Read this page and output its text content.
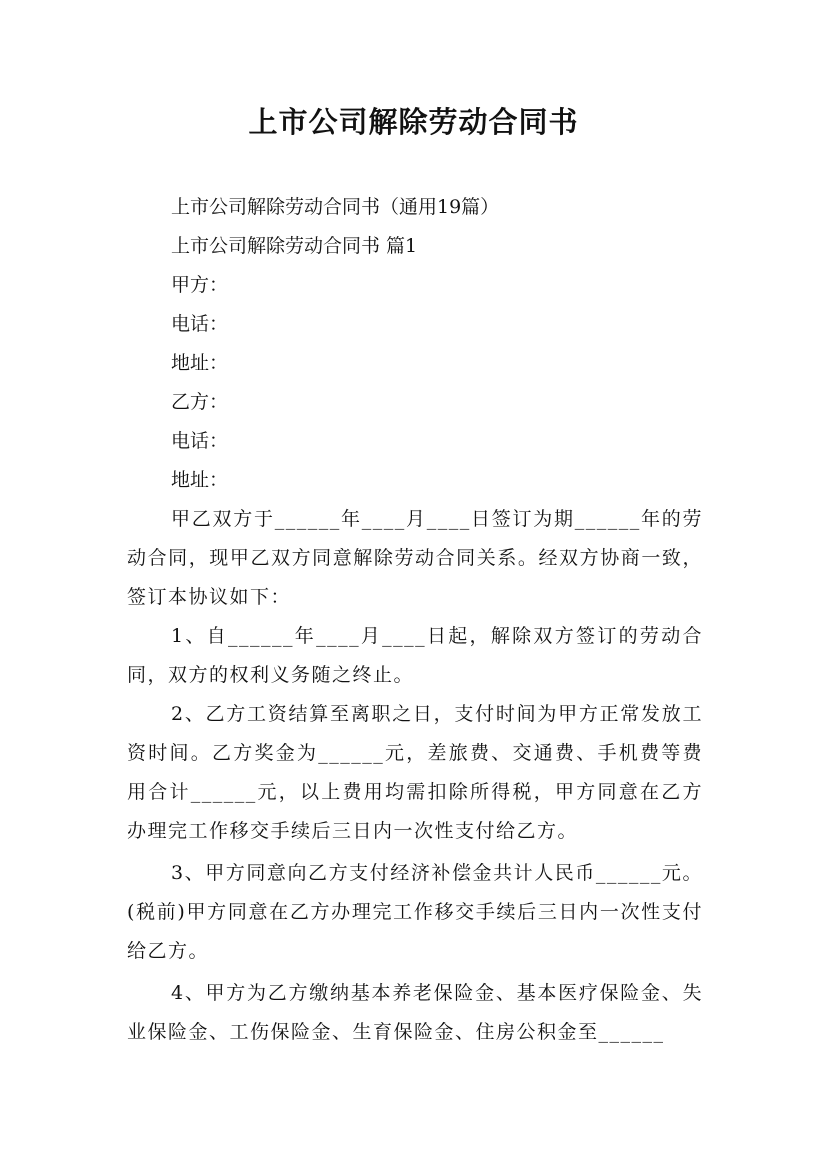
上市公司解除劳动合同书

上市公司解除劳动合同书（通用19篇）

上市公司解除劳动合同书 篇1

甲方：

电话：

地址：

乙方：

电话：

地址：

甲乙双方于______年____月____日签订为期______年的劳动合同，现甲乙双方同意解除劳动合同关系。经双方协商一致，签订本协议如下：

1、自______年____月____日起，解除双方签订的劳动合同，双方的权利义务随之终止。

2、乙方工资结算至离职之日，支付时间为甲方正常发放工资时间。乙方奖金为______元，差旅费、交通费、手机费等费用合计______元，以上费用均需扣除所得税，甲方同意在乙方办理完工作移交手续后三日内一次性支付给乙方。

3、甲方同意向乙方支付经济补偿金共计人民币______元。(税前)甲方同意在乙方办理完工作移交手续后三日内一次性支付给乙方。

4、甲方为乙方缴纳基本养老保险金、基本医疗保险金、失业保险金、工伤保险金、生育保险金、住房公积金至______
